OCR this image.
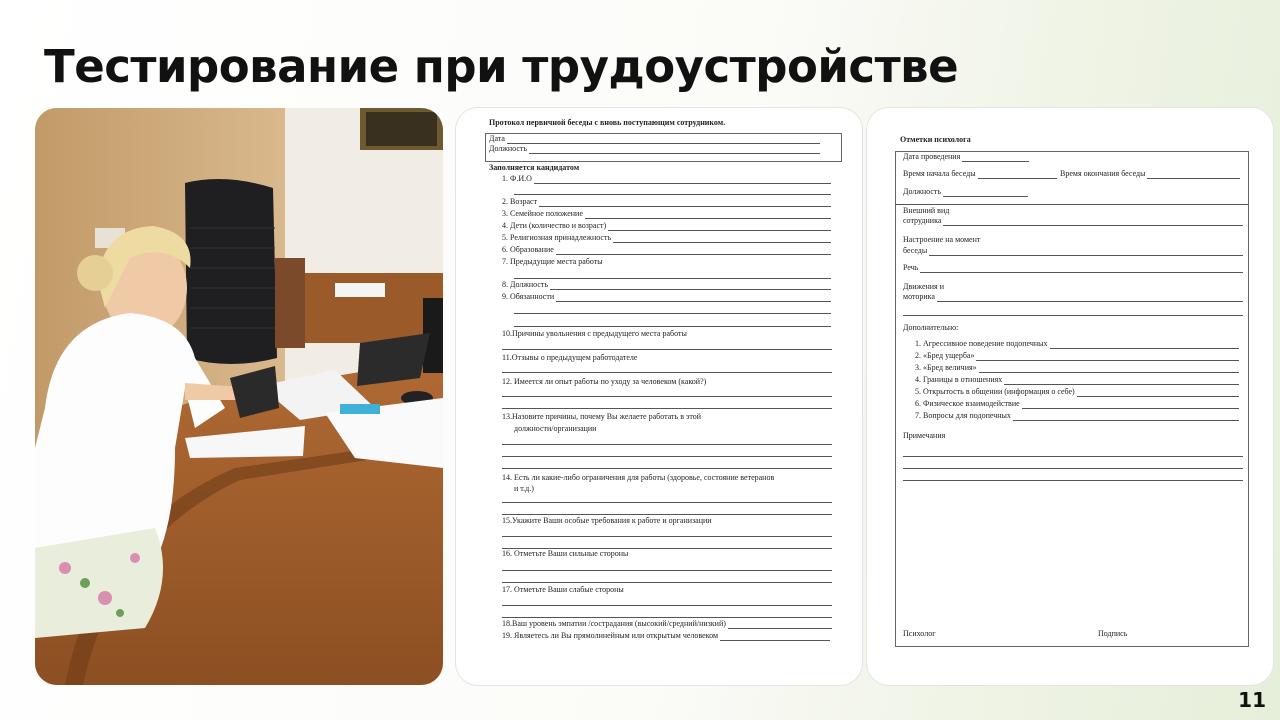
Тестирование при трудоустройстве
Протокол первичной беседы с вновь поступающим сотрудником.
Дата
Должность
Заполняется кандидатом
1. Ф.И.О
2. Возраст
3. Семейное положение
4. Дети (количество и возраст)
5. Религиозная принадлежность
6. Образование
7. Предыдущие места работы
8. Должность
9. Обязанности
10.Причины увольнения с предыдущего места работы
11.Отзывы о предыдущем работодателе
12. Имеется ли опыт работы по уходу за человеком (какой?)
13.Назовите причины, почему Вы желаете работать в этой
должности/организации
14. Есть ли какие-либо ограничения для работы (здоровье, состояние ветеранов
и т.д.)
15.Укажите Ваши особые требования к работе и организации
16. Отметьте Ваши сильные стороны
17. Отметьте Ваши слабые стороны
18.Ваш уровень эмпатии /сострадания (высокий/средний/низкий)
19. Являетесь ли Вы прямолинейным или открытым человеком
Отметки психолога
Дата проведения
Время начала беседы	Время окончания беседы
Должность
Внешний вид
сотрудника
Настроение на момент
беседы
Речь
Движения и
моторика
Дополнительно:
1. Агрессивное поведение подопечных
2. «Бред ущерба»
3. «Бред величия»
4. Границы в отношениях
5. Открытость в общении (информация о себе)
6. Физическое взаимодействие
7. Вопросы для подопечных
Примечания
Психолог	Подпись
11
